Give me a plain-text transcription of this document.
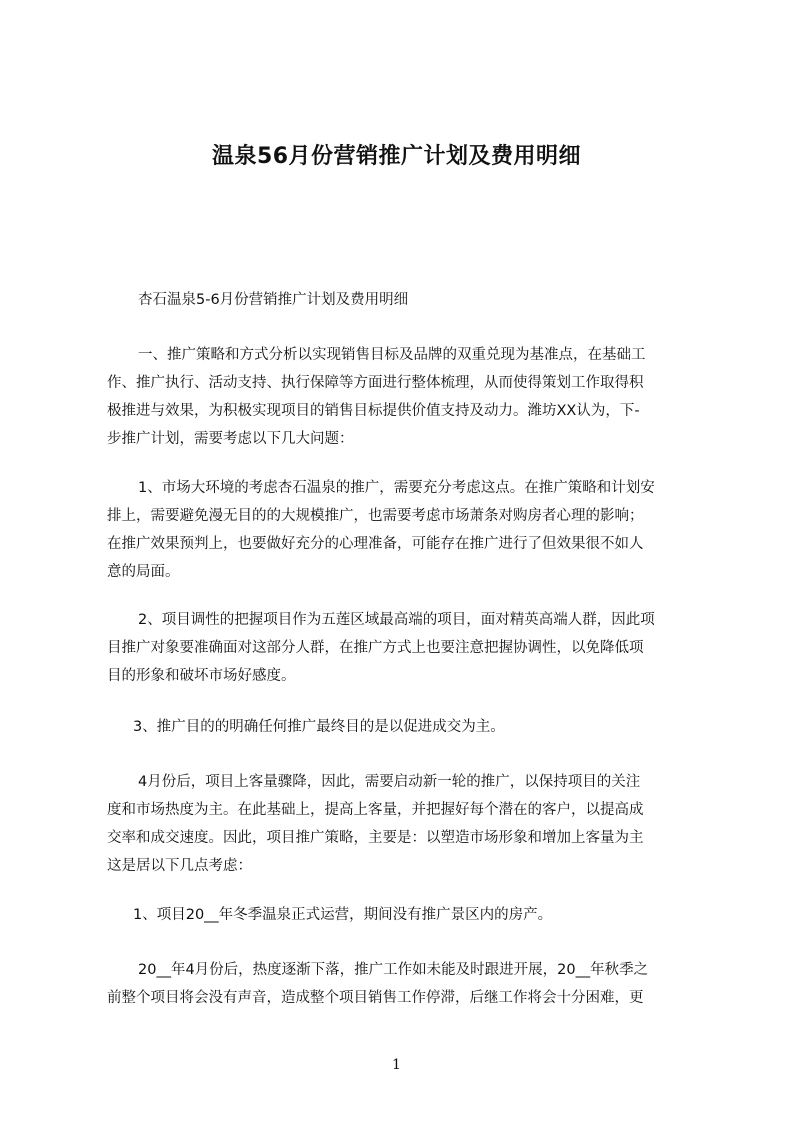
温泉56月份营销推广计划及费用明细
杏石温泉5-6月份营销推广计划及费用明细
一、推广策略和方式分析以实现销售目标及品牌的双重兑现为基准点，在基础工
作、推广执行、活动支持、执行保障等方面进行整体梳理，从而使得策划工作取得积
极推进与效果，为积极实现项目的销售目标提供价值支持及动力。潍坊XX认为，下-
步推广计划，需要考虑以下几大问题：
1、市场大环境的考虑杏石温泉的推广，需要充分考虑这点。在推广策略和计划安
排上，需要避免漫无目的的大规模推广，也需要考虑市场萧条对购房者心理的影响；
在推广效果预判上，也要做好充分的心理准备，可能存在推广进行了但效果很不如人
意的局面。
2、项目调性的把握项目作为五莲区域最高端的项目，面对精英高端人群，因此项
目推广对象要准确面对这部分人群，在推广方式上也要注意把握协调性，以免降低项
目的形象和破坏市场好感度。
3、推广目的的明确任何推广最终目的是以促进成交为主。
4月份后，项目上客量骤降，因此，需要启动新一轮的推广，以保持项目的关注
度和市场热度为主。在此基础上，提高上客量，并把握好每个潜在的客户，以提高成
交率和成交速度。因此，项目推广策略，主要是：以塑造市场形象和增加上客量为主
这是居以下几点考虑：
1、项目20__年冬季温泉正式运营，期间没有推广景区内的房产。
20__年4月份后，热度逐渐下落，推广工作如未能及时跟进开展，20__年秋季之
前整个项目将会没有声音，造成整个项目销售工作停滞，后继工作将会十分困难，更
1
